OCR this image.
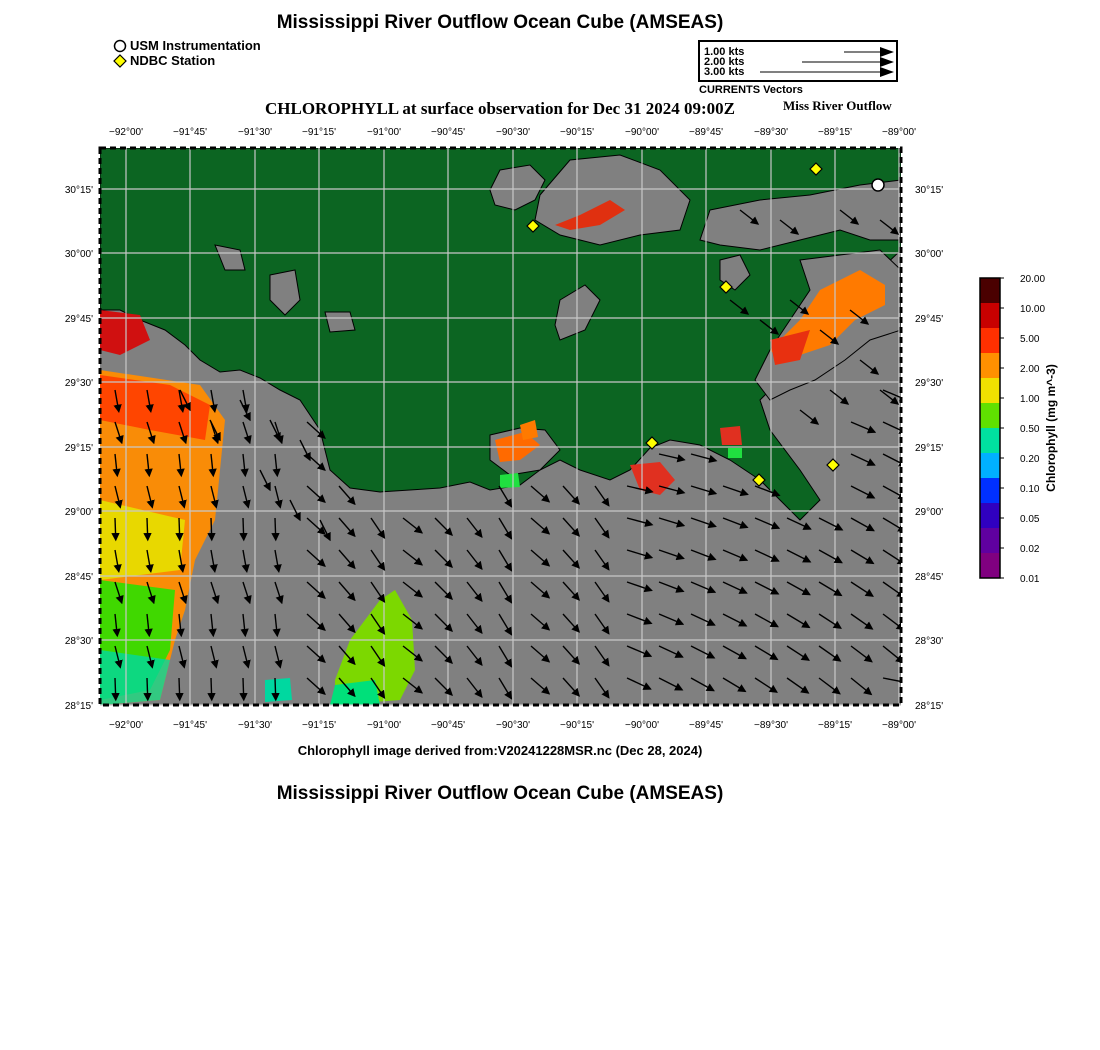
Mississippi River Outflow Ocean Cube (AMSEAS)
USM Instrumentation
NDBC Station
1.00 kts
2.00 kts
3.00 kts
CURRENTS Vectors
CHLOROPHYLL at surface observation for Dec 31 2024 09:00Z	Miss River Outflow
−92°00'	−91°45'	−91°30'	−91°15'	−91°00'	−90°45'	−90°30'	−90°15'	−90°00'	−89°45'	−89°30'	−89°15'	−89°00'
−92°00'	−91°45'	−91°30'	−91°15'	−91°00'	−90°45'	−90°30'	−90°15'	−90°00'	−89°45'	−89°30'	−89°15'	−89°00'
30°15'
30°00'
29°45'
29°30'
29°15'
29°00'
28°45'
28°30'
28°15'
30°15'
30°00'
29°45'
29°30'
29°15'
29°00'
28°45'
28°30'
28°15'
20.00
10.00
5.00
2.00
1.00
0.50
0.20
0.10
0.05
0.02
0.01
Chlorophyll (mg m^-3)
Chlorophyll image derived from:V20241228MSR.nc (Dec 28, 2024)
Mississippi River Outflow Ocean Cube (AMSEAS)
